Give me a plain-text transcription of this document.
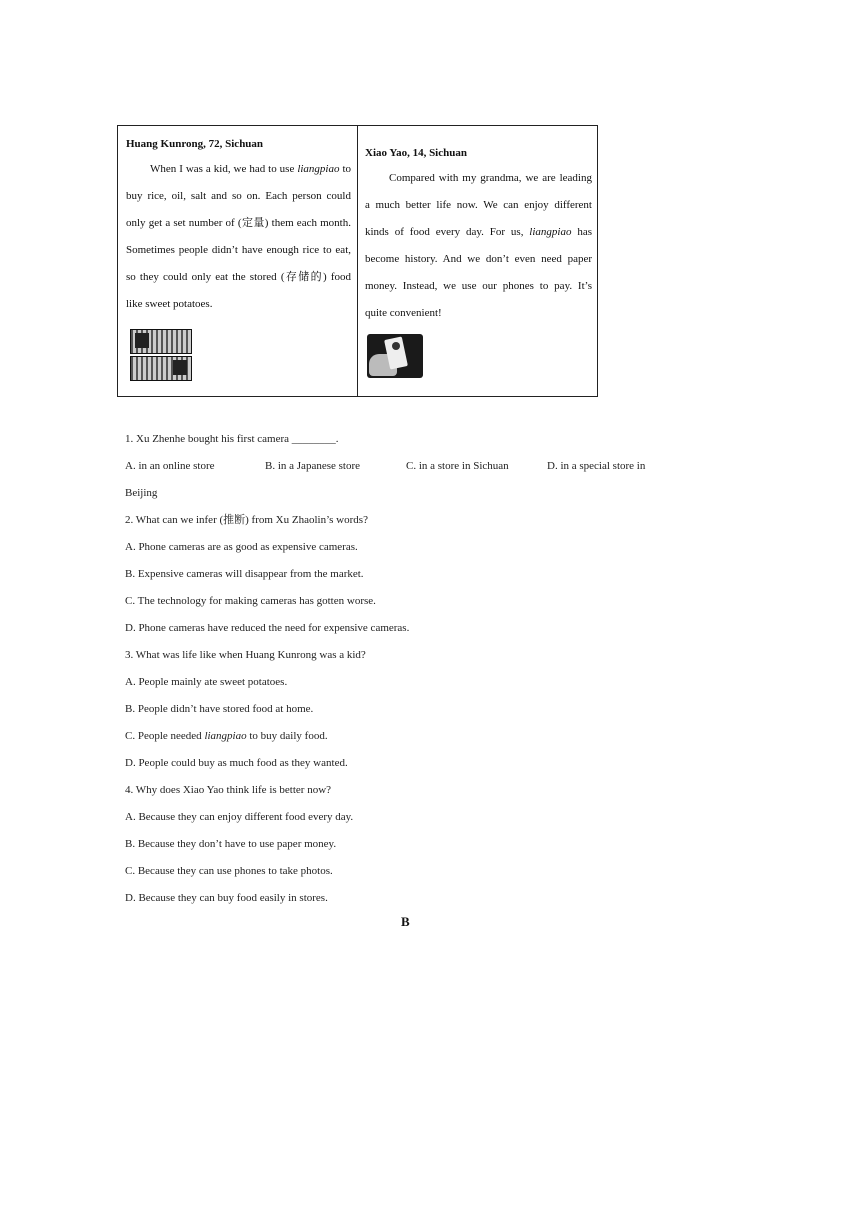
Huang Kunrong, 72, Sichuan

When I was a kid, we had to use liangpiao to buy rice, oil, salt and so on. Each person could only get a set number of (定量) them each month. Sometimes people didn’t have enough rice to eat, so they could only eat the stored (存储的) food like sweet potatoes.

Xiao Yao, 14, Sichuan

Compared with my grandma, we are leading a much better life now. We can enjoy different kinds of food every day. For us, liangpiao has become history. And we don’t even need paper money. Instead, we use our phones to pay. It’s quite convenient!

1. Xu Zhenhe bought his first camera ________.
A. in an online store	B. in a Japanese store	C. in a store in Sichuan	D. in a special store in
Beijing
2. What can we infer (推断) from Xu Zhaolin’s words?
A. Phone cameras are as good as expensive cameras.
B. Expensive cameras will disappear from the market.
C. The technology for making cameras has gotten worse.
D. Phone cameras have reduced the need for expensive cameras.
3. What was life like when Huang Kunrong was a kid?
A. People mainly ate sweet potatoes.
B. People didn’t have stored food at home.
C. People needed liangpiao to buy daily food.
D. People could buy as much food as they wanted.
4. Why does Xiao Yao think life is better now?
A. Because they can enjoy different food every day.
B. Because they don’t have to use paper money.
C. Because they can use phones to take photos.
D. Because they can buy food easily in stores.
B
